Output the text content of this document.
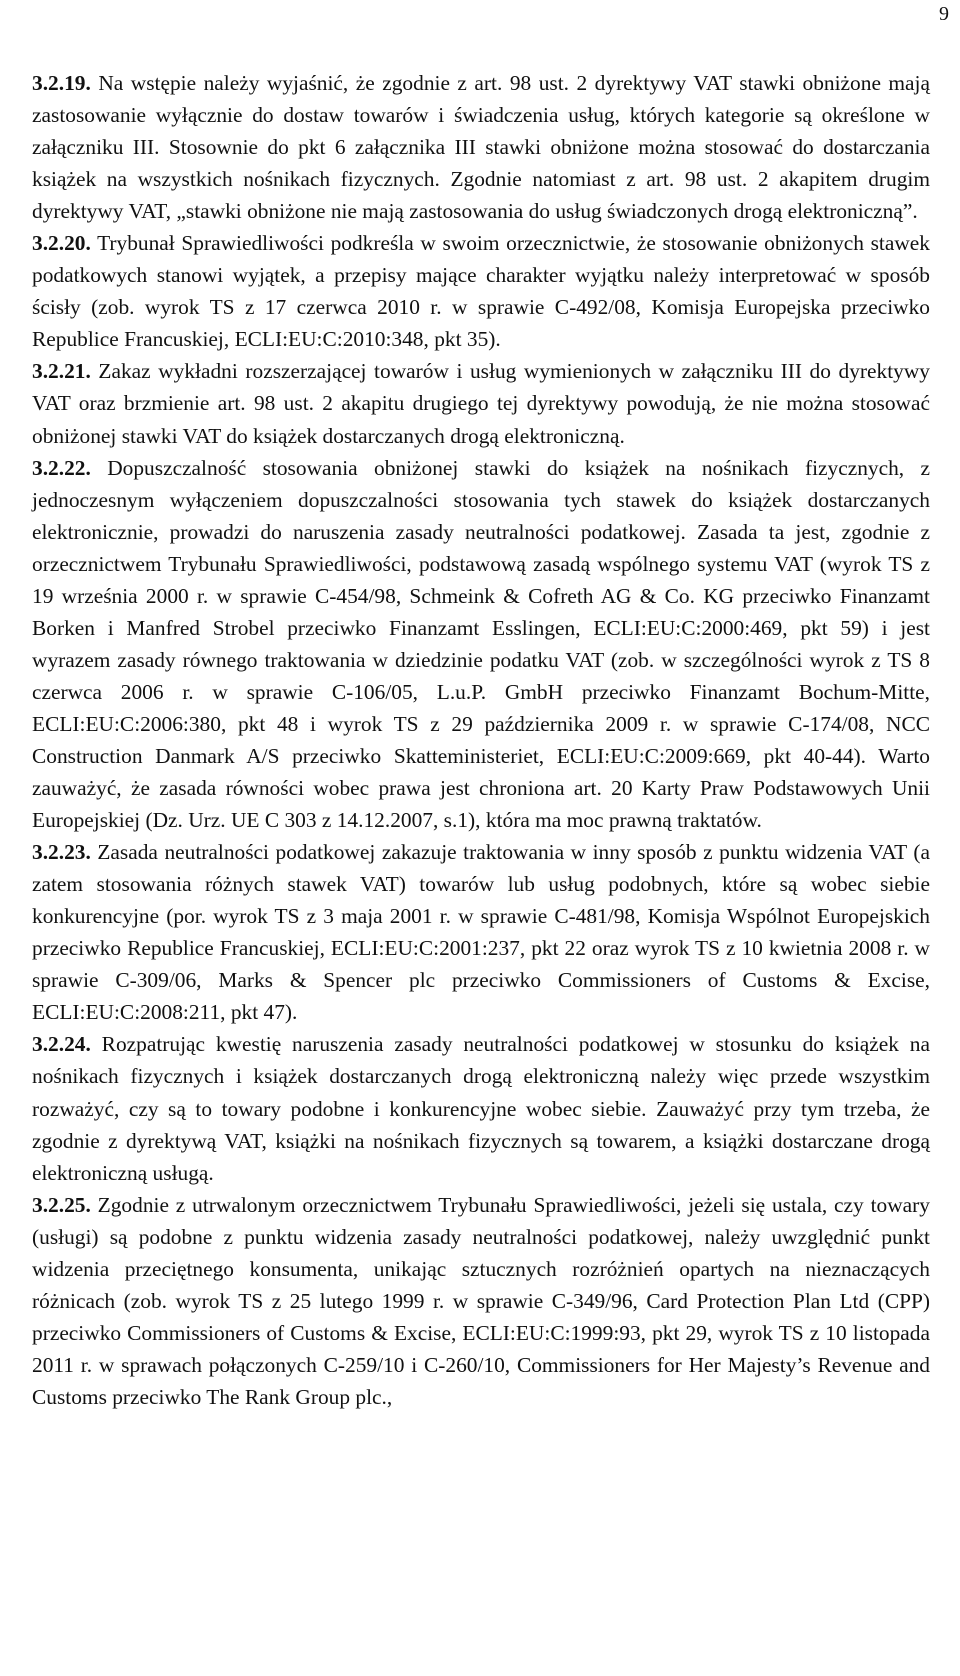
9

3.2.19. Na wstępie należy wyjaśnić, że zgodnie z art. 98 ust. 2 dyrektywy VAT stawki obniżone mają zastosowanie wyłącznie do dostaw towarów i świadczenia usług, których kategorie są określone w załączniku III. Stosownie do pkt 6 załącznika III stawki obniżone można stosować do dostarczania książek na wszystkich nośnikach fizycznych. Zgodnie natomiast z art. 98 ust. 2 akapitem drugim dyrektywy VAT, „stawki obniżone nie mają zastosowania do usług świadczonych drogą elektroniczną”.

3.2.20. Trybunał Sprawiedliwości podkreśla w swoim orzecznictwie, że stosowanie obniżonych stawek podatkowych stanowi wyjątek, a przepisy mające charakter wyjątku należy interpretować w sposób ścisły (zob. wyrok TS z 17 czerwca 2010 r. w sprawie C-492/08, Komisja Europejska przeciwko Republice Francuskiej, ECLI:EU:C:2010:348, pkt 35).

3.2.21. Zakaz wykładni rozszerzającej towarów i usług wymienionych w załączniku III do dyrektywy VAT oraz brzmienie art. 98 ust. 2 akapitu drugiego tej dyrektywy powodują, że nie można stosować obniżonej stawki VAT do książek dostarczanych drogą elektroniczną.

3.2.22. Dopuszczalność stosowania obniżonej stawki do książek na nośnikach fizycznych, z jednoczesnym wyłączeniem dopuszczalności stosowania tych stawek do książek dostarczanych elektronicznie, prowadzi do naruszenia zasady neutralności podatkowej. Zasada ta jest, zgodnie z orzecznictwem Trybunału Sprawiedliwości, podstawową zasadą wspólnego systemu VAT (wyrok TS z 19 września 2000 r. w sprawie C-454/98, Schmeink & Cofreth AG & Co. KG przeciwko Finanzamt Borken i Manfred Strobel przeciwko Finanzamt Esslingen, ECLI:EU:C:2000:469, pkt 59) i jest wyrazem zasady równego traktowania w dziedzinie podatku VAT (zob. w szczególności wyrok z TS 8 czerwca 2006 r. w sprawie C-106/05, L.u.P. GmbH przeciwko Finanzamt Bochum-Mitte, ECLI:EU:C:2006:380, pkt 48 i wyrok TS z 29 października 2009 r. w sprawie C-174/08, NCC Construction Danmark A/S przeciwko Skatteministeriet, ECLI:EU:C:2009:669, pkt 40-44). Warto zauważyć, że zasada równości wobec prawa jest chroniona art. 20 Karty Praw Podstawowych Unii Europejskiej (Dz. Urz. UE C 303 z 14.12.2007, s.1), która ma moc prawną traktatów.

3.2.23. Zasada neutralności podatkowej zakazuje traktowania w inny sposób z punktu widzenia VAT (a zatem stosowania różnych stawek VAT) towarów lub usług podobnych, które są wobec siebie konkurencyjne (por. wyrok TS z 3 maja 2001 r. w sprawie C-481/98, Komisja Wspólnot Europejskich przeciwko Republice Francuskiej, ECLI:EU:C:2001:237, pkt 22 oraz wyrok TS z 10 kwietnia 2008 r. w sprawie C-309/06, Marks & Spencer plc przeciwko Commissioners of Customs & Excise, ECLI:EU:C:2008:211, pkt 47).

3.2.24. Rozpatrując kwestię naruszenia zasady neutralności podatkowej w stosunku do książek na nośnikach fizycznych i książek dostarczanych drogą elektroniczną należy więc przede wszystkim rozważyć, czy są to towary podobne i konkurencyjne wobec siebie. Zauważyć przy tym trzeba, że zgodnie z dyrektywą VAT, książki na nośnikach fizycznych są towarem, a książki dostarczane drogą elektroniczną usługą.

3.2.25. Zgodnie z utrwalonym orzecznictwem Trybunału Sprawiedliwości, jeżeli się ustala, czy towary (usługi) są podobne z punktu widzenia zasady neutralności podatkowej, należy uwzględnić punkt widzenia przeciętnego konsumenta, unikając sztucznych rozróżnień opartych na nieznaczących różnicach (zob. wyrok TS z 25 lutego 1999 r. w sprawie C-349/96, Card Protection Plan Ltd (CPP) przeciwko Commissioners of Customs & Excise, ECLI:EU:C:1999:93, pkt 29, wyrok TS z 10 listopada 2011 r. w sprawach połączonych C-259/10 i C-260/10, Commissioners for Her Majesty’s Revenue and Customs przeciwko The Rank Group plc.,
